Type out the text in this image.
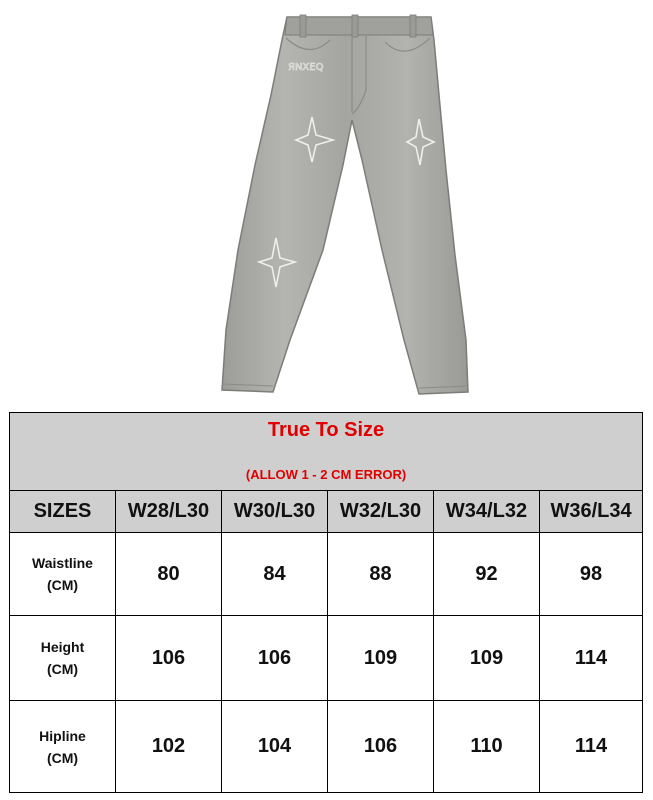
ЯNXEQ
True To Size
(ALLOW 1 - 2 CM ERROR)					

SIZES	W28/L30	W30/L30	W32/L30	W34/L32	W36/L34

Waistline
(CM)	80	84	88	92	98

Height
(CM)	106	106	109	109	114

Hipline
(CM)	102	104	106	110	114
